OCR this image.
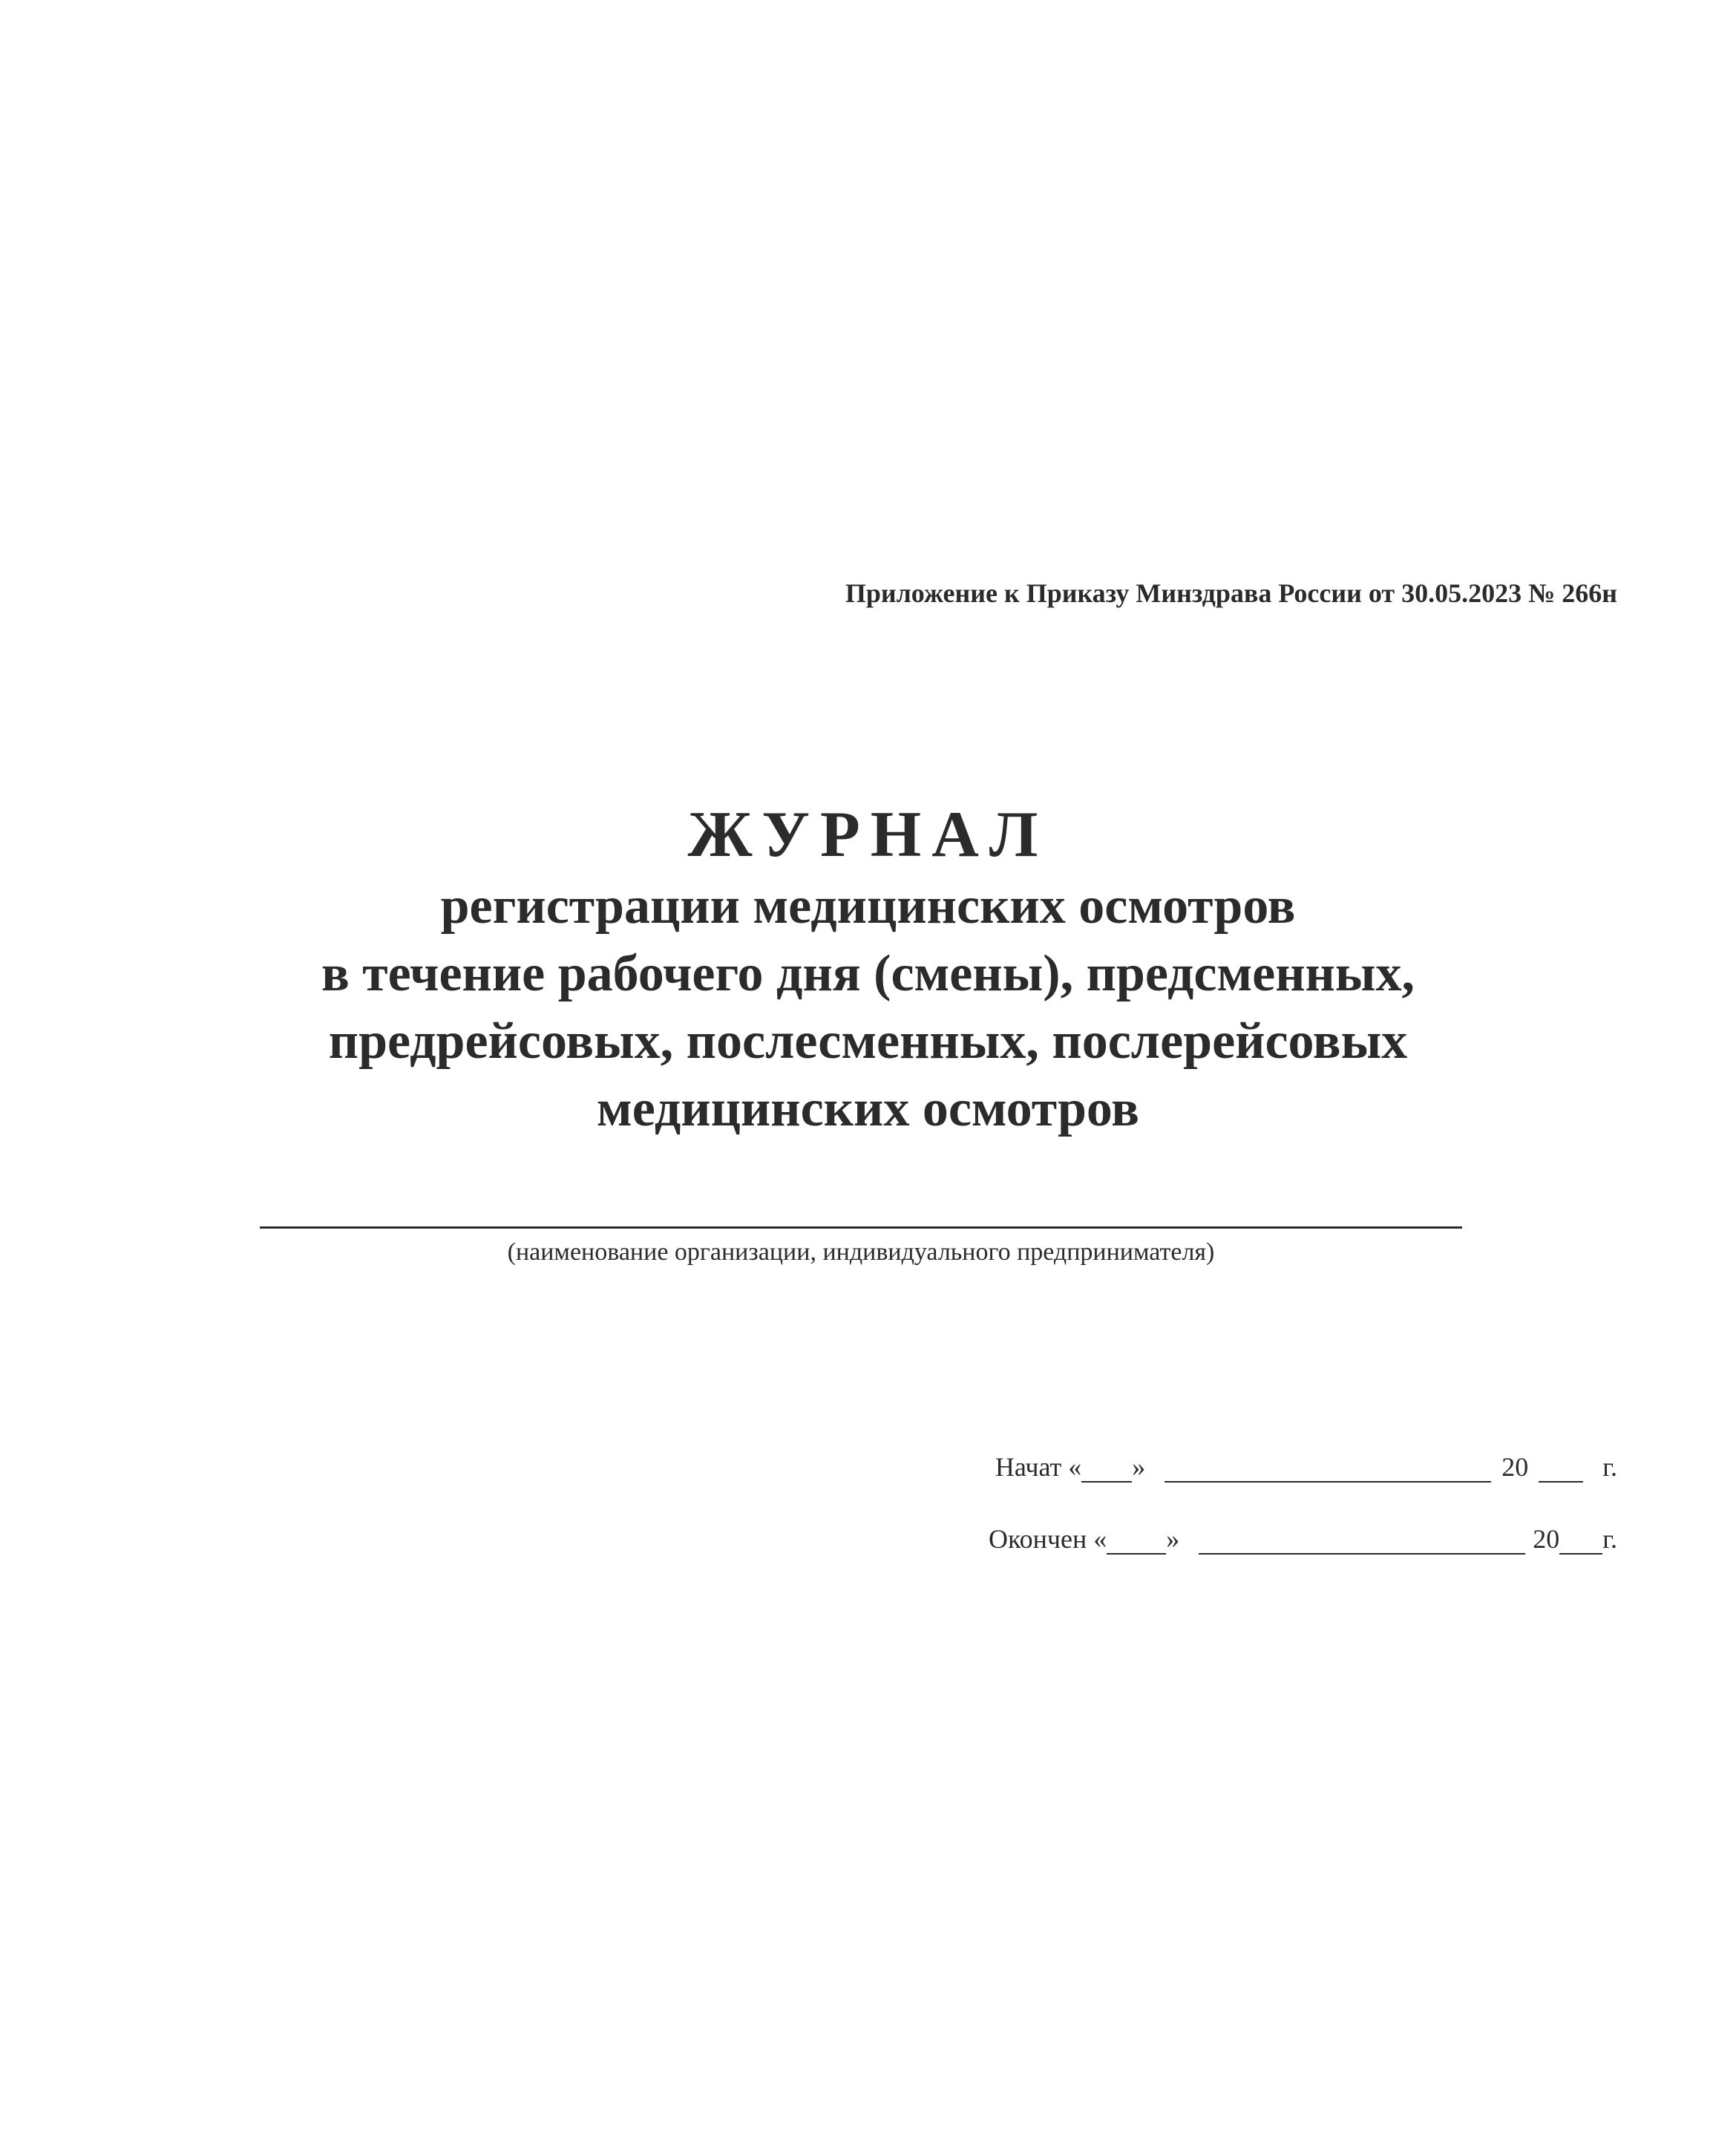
Приложение к Приказу Минздрава России от 30.05.2023 № 266н

ЖУРНАЛ

регистрации медицинских осмотров

в течение рабочего дня (смены), предсменных,

предрейсовых, послесменных, послерейсовых

медицинских осмотров

(наименование организации, индивидуального предпринимателя)
Начат « »	20	г.
Окончен « »	20 г.
